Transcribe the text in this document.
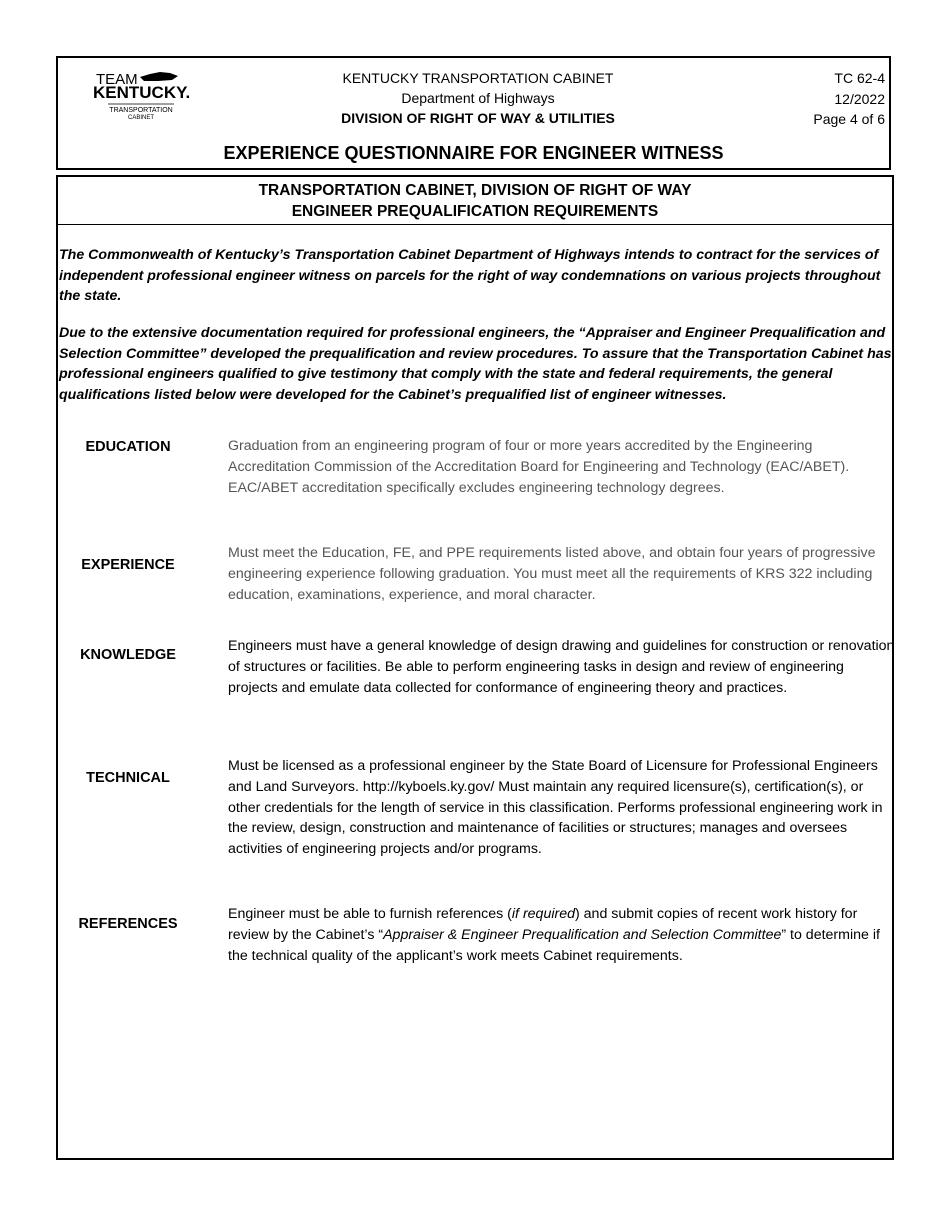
TEAM
KENTUCKY.
TRANSPORTATION
CABINET
KENTUCKY TRANSPORTATION CABINET
Department of Highways
DIVISION OF RIGHT OF WAY & UTILITIES
TC 62-4
12/2022
Page 4 of 6
EXPERIENCE QUESTIONNAIRE FOR ENGINEER WITNESS
TRANSPORTATION CABINET, DIVISION OF RIGHT OF WAY
ENGINEER PREQUALIFICATION REQUIREMENTS

The Commonwealth of Kentucky’s Transportation Cabinet Department of Highways intends to contract for the services of independent professional engineer witness on parcels for the right of way condemnations on various projects throughout the state.

Due to the extensive documentation required for professional engineers, the “Appraiser and Engineer Prequalification and Selection Committee” developed the prequalification and review procedures. To assure that the Transportation Cabinet has professional engineers qualified to give testimony that comply with the state and federal requirements, the general qualifications listed below were developed for the Cabinet’s prequalified list of engineer witnesses.

EDUCATION	Graduation from an engineering program of four or more years accredited by the Engineering Accreditation Commission of the Accreditation Board for Engineering and Technology (EAC/ABET). EAC/ABET accreditation specifically excludes engineering technology degrees.

EXPERIENCE

Must meet the Education, FE, and PPE requirements listed above, and obtain four years of progressive engineering experience following graduation. You must meet all the requirements of KRS 322 including education, examinations, experience, and moral character.

KNOWLEDGE

Engineers must have a general knowledge of design drawing and guidelines for construction or renovation of structures or facilities. Be able to perform engineering tasks in design and review of engineering projects and emulate data collected for conformance of engineering theory and practices.

TECHNICAL

Must be licensed as a professional engineer by the State Board of Licensure for Professional Engineers and Land Surveyors. http://kyboels.ky.gov/ Must maintain any required licensure(s), certification(s), or other credentials for the length of service in this classification. Performs professional engineering work in the review, design, construction and maintenance of facilities or structures; manages and oversees activities of engineering projects and/or programs.

REFERENCES

Engineer must be able to furnish references (if required) and submit copies of recent work history for review by the Cabinet’s “Appraiser & Engineer Prequalification and Selection Committee” to determine if the technical quality of the applicant’s work meets Cabinet requirements.
